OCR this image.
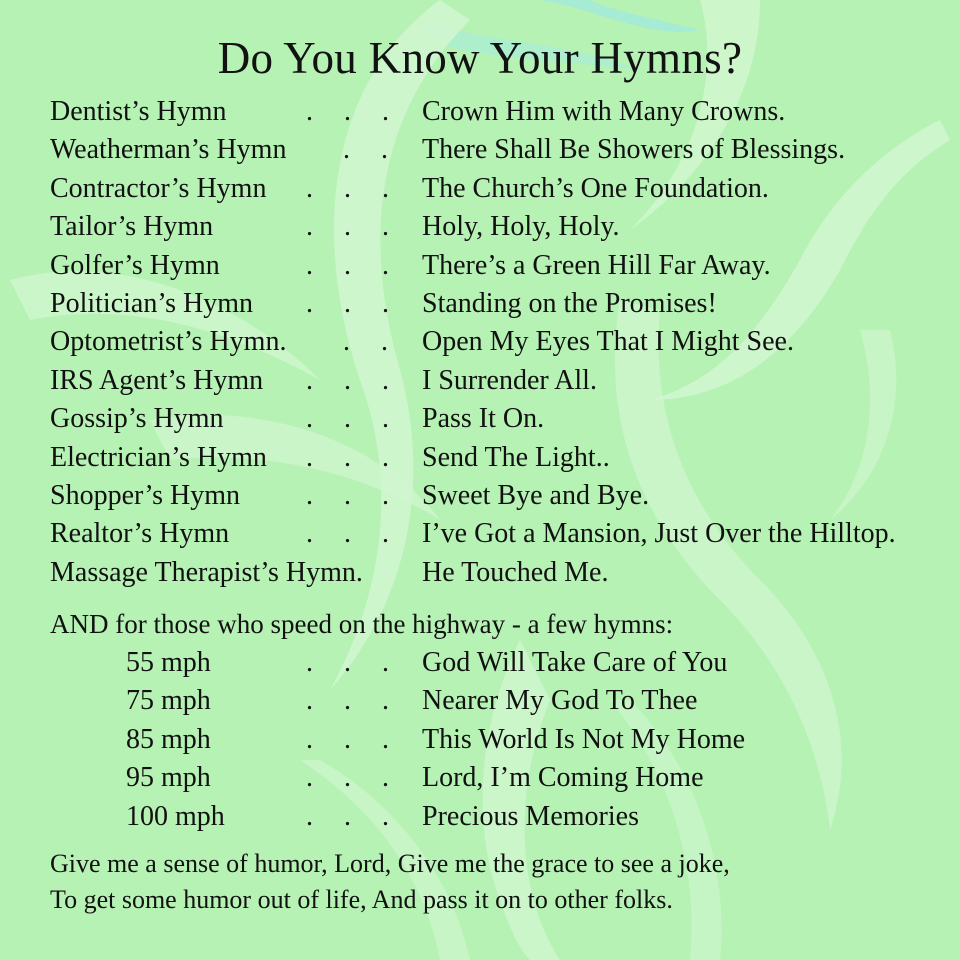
Do You Know Your Hymns?
Dentist’s Hymn	. . . Crown Him with Many Crowns.
Weatherman’s Hymn	. . There Shall Be Showers of Blessings.
Contractor’s Hymn . . . The Church’s One Foundation.
Tailor’s Hymn	. . . Holy, Holy, Holy.
Golfer’s Hymn	. . . There’s a Green Hill Far Away.
Politician’s Hymn . . . Standing on the Promises!
Optometrist’s Hymn.	. . Open My Eyes That I Might See.
IRS Agent’s Hymn . . . I Surrender All.
Gossip’s Hymn	. . . Pass It On.
Electrician’s Hymn . . . Send The Light..
Shopper’s Hymn . . . Sweet Bye and Bye.
Realtor’s Hymn	. . . I’ve Got a Mansion, Just Over the Hilltop.
Massage Therapist’s Hymn. He Touched Me.
AND for those who speed on the highway - a few hymns:
55 mph	. . . God Will Take Care of You
75 mph	. . . Nearer My God To Thee
85 mph	. . . This World Is Not My Home
95 mph	. . . Lord, I’m Coming Home
100 mph	. . . Precious Memories
Give me a sense of humor, Lord, Give me the grace to see a joke,
To get some humor out of life, And pass it on to other folks.
